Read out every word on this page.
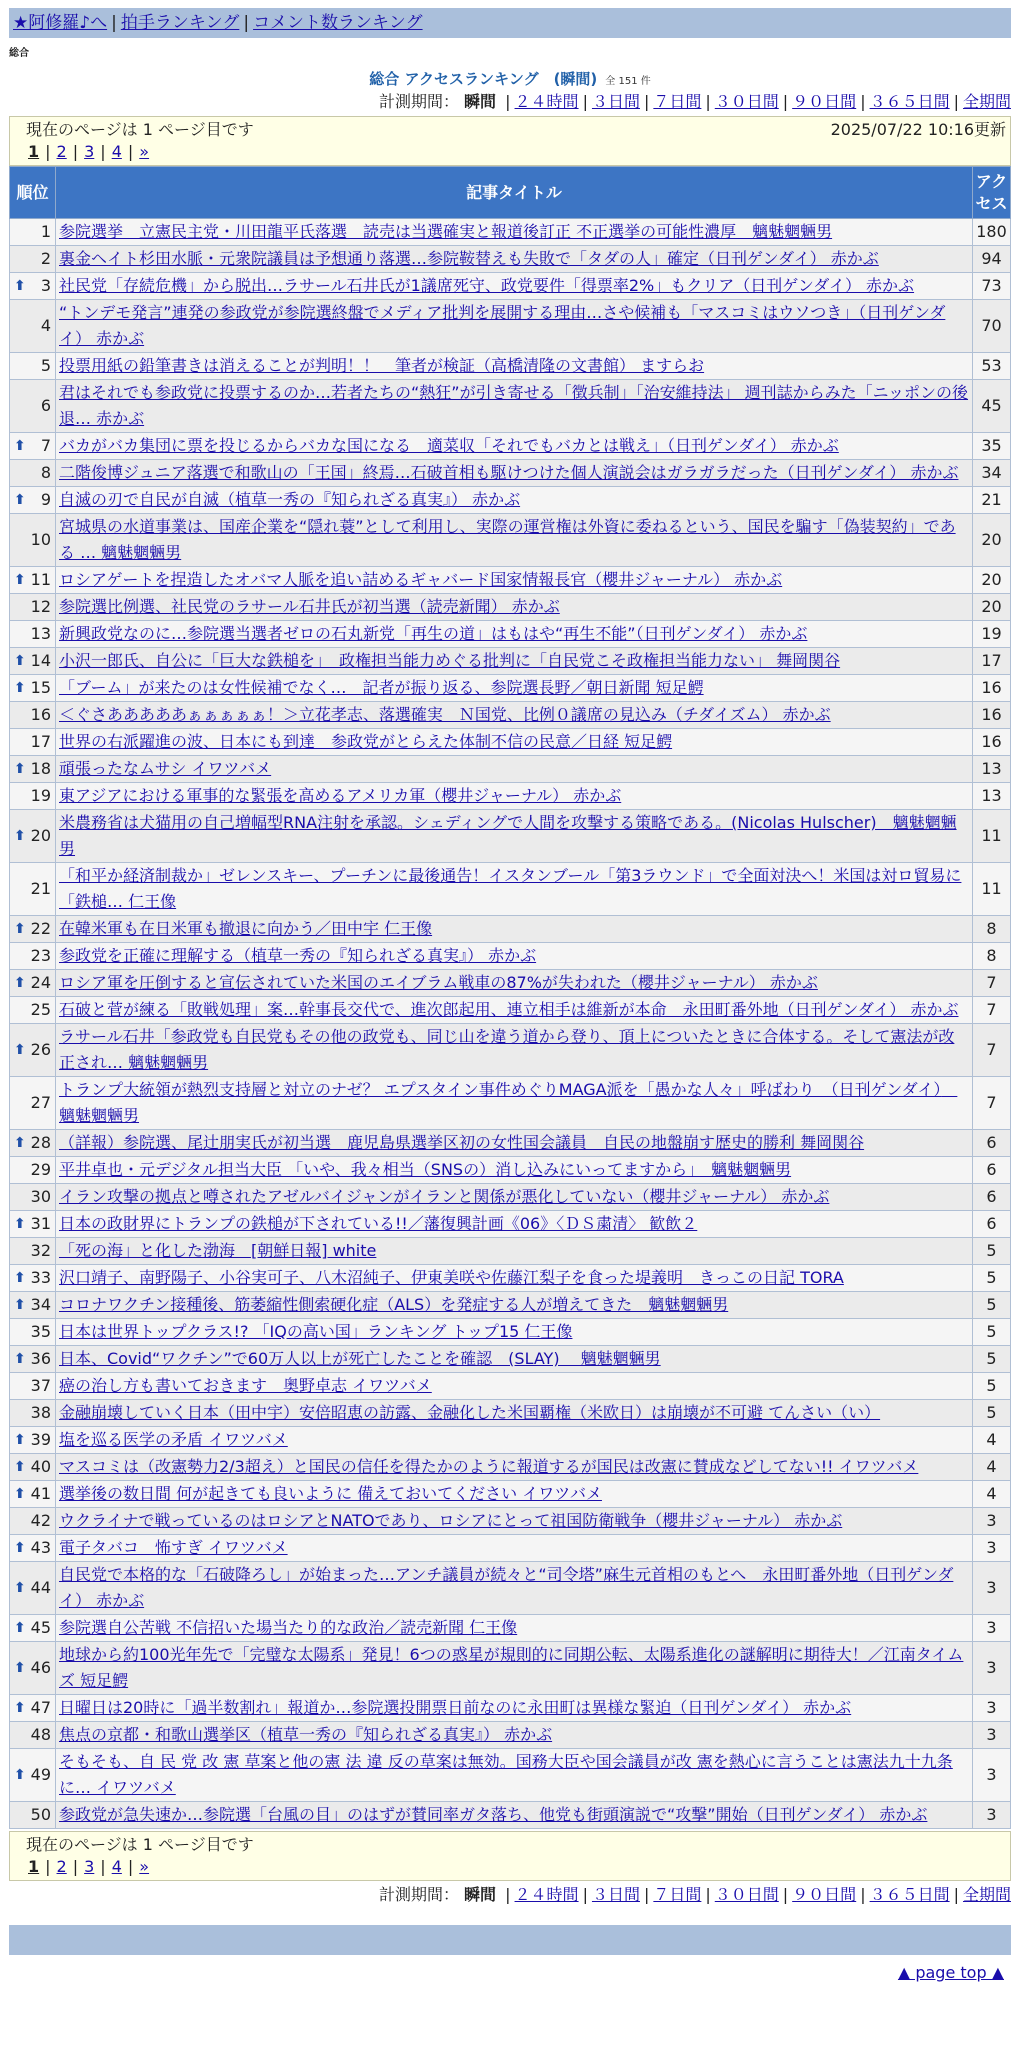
★阿修羅♪へ | 拍手ランキング | コメント数ランキング
総合
総合 アクセスランキング　(瞬間) 全 151 件
計測期間： 瞬間 | ２４時間 | ３日間 | ７日間 | ３０日間 | ９０日間 | ３６５日間 | 全期間
現在のページは 1 ページ目です	2025/07/22 10:16更新
1 | 2 | 3 | 4 | »
順位	記事タイトル	アクセス
1	参院選挙　立憲民主党・川田龍平氏落選　読売は当選確実と報道後訂正 不正選挙の可能性濃厚　魑魅魍魎男	180
2	裏金ヘイト杉田水脈・元衆院議員は予想通り落選…参院鞍替えも失敗で「タダの人」確定（日刊ゲンダイ） 赤かぶ	94

⬆ 3	社民党「存続危機」から脱出…ラサール石井氏が1議席死守、政党要件「得票率2%」もクリア（日刊ゲンダイ） 赤かぶ	73
4	“トンデモ発言”連発の参政党が参院選終盤でメディア批判を展開する理由…さや候補も「マスコミはウソつき」（日刊ゲンダイ） 赤かぶ	70
5	投票用紙の鉛筆書きは消えることが判明！！　筆者が検証（高橋清隆の文書館） ますらお	53
6	君はそれでも参政党に投票するのか…若者たちの“熱狂”が引き寄せる「徴兵制」「治安維持法」 週刊誌からみた「ニッポンの後退… 赤かぶ	45

⬆ 7	バカがバカ集団に票を投じるからバカな国になる　適菜収「それでもバカとは戦え」（日刊ゲンダイ） 赤かぶ	35
8	二階俊博ジュニア落選で和歌山の「王国」終焉…石破首相も駆けつけた個人演説会はガラガラだった（日刊ゲンダイ） 赤かぶ	34

⬆ 9	自滅の刃で自民が自滅（植草一秀の『知られざる真実』） 赤かぶ	21
10	宮城県の水道事業は、国産企業を“隠れ蓑”として利用し、実際の運営権は外資に委ねるという、国民を騙す「偽装契約」である … 魑魅魍魎男	20

⬆ 11	ロシアゲートを捏造したオバマ人脈を追い詰めるギャバード国家情報長官（櫻井ジャーナル） 赤かぶ	20
12	参院選比例選、社民党のラサール石井氏が初当選（読売新聞） 赤かぶ	20
13	新興政党なのに…参院選当選者ゼロの石丸新党「再生の道」はもはや“再生不能”（日刊ゲンダイ） 赤かぶ	19

⬆ 14	小沢一郎氏、自公に「巨大な鉄槌を」　政権担当能力めぐる批判に「自民党こそ政権担当能力ない」 舞岡関谷	17

⬆ 15	「ブーム」が来たのは女性候補でなく…　記者が振り返る、参院選長野／朝日新聞 短足鰐	16
16	＜ぐさあああああぁぁぁぁぁ！＞立花孝志、落選確実　Ｎ国党、比例０議席の見込み（チダイズム） 赤かぶ	16
17	世界の右派躍進の波、日本にも到達　参政党がとらえた体制不信の民意／日経 短足鰐	16

⬆ 18	頑張ったなムサシ イワツバメ	13
19	東アジアにおける軍事的な緊張を高めるアメリカ軍（櫻井ジャーナル） 赤かぶ	13

⬆ 20	米農務省は犬猫用の自己増幅型RNA注射を承認。シェディングで人間を攻撃する策略である。(Nicolas Hulscher)　魑魅魍魎男	11
21	「和平か経済制裁か」ゼレンスキー、プーチンに最後通告！イスタンブール「第3ラウンド」で全面対決へ！米国は対ロ貿易に「鉄槌… 仁王像	11

⬆ 22	在韓米軍も在日米軍も撤退に向かう／田中宇 仁王像	8
23	参政党を正確に理解する（植草一秀の『知られざる真実』） 赤かぶ	8

⬆ 24	ロシア軍を圧倒すると宣伝されていた米国のエイブラム戦車の87%が失われた（櫻井ジャーナル） 赤かぶ	7
25	石破と菅が練る「敗戦処理」案…幹事長交代で、進次郎起用、連立相手は維新が本命　永田町番外地（日刊ゲンダイ） 赤かぶ	7

⬆ 26	ラサール石井「参政党も自民党もその他の政党も、同じ山を違う道から登り、頂上についたときに合体する。そして憲法が改正され… 魑魅魍魎男	7
27	トランプ大統領が熱烈支持層と対立のナゼ？ エプスタイン事件めぐりMAGA派を「愚かな人々」呼ばわり　（日刊ゲンダイ）　魑魅魍魎男	7

⬆ 28	（詳報）参院選、尾辻朋実氏が初当選　鹿児島県選挙区初の女性国会議員　自民の地盤崩す歴史的勝利 舞岡関谷	6
29	平井卓也・元デジタル担当大臣 「いや、我々相当（SNSの）消し込みにいってますから」　魑魅魍魎男	6
30	イラン攻撃の拠点と噂されたアゼルバイジャンがイランと関係が悪化していない（櫻井ジャーナル） 赤かぶ	6

⬆ 31	日本の政財界にトランプの鉄槌が下されている!!／藩復興計画《06》〈ＤＳ粛清〉 歓飲２	6
32	「死の海」と化した渤海　[朝鮮日報] white	5

⬆ 33	沢口靖子、南野陽子、小谷実可子、八木沼純子、伊東美咲や佐藤江梨子を食った堤義明　きっこの日記 TORA	5

⬆ 34	コロナワクチン接種後、筋萎縮性側索硬化症（ALS）を発症する人が増えてきた　魑魅魍魎男	5
35	日本は世界トップクラス!? 「IQの高い国」ランキング トップ15 仁王像	5

⬆ 36	日本、Covid“ワクチン”で60万人以上が死亡したことを確認　(SLAY)　 魑魅魍魎男	5
37	癌の治し方も書いておきます　奥野卓志 イワツバメ	5
38	金融崩壊していく日本（田中宇）安倍昭恵の訪露、金融化した米国覇権（米欧日）は崩壊が不可避 てんさい（い）	5

⬆ 39	塩を巡る医学の矛盾 イワツバメ	4

⬆ 40	マスコミは（改憲勢力2/3超え）と国民の信任を得たかのように報道するが国民は改憲に賛成などしてない!! イワツバメ	4

⬆ 41	選挙後の数日間 何が起きても良いように 備えておいてください イワツバメ	4
42	ウクライナで戦っているのはロシアとNATOであり、ロシアにとって祖国防衛戦争（櫻井ジャーナル） 赤かぶ	3

⬆ 43	電子タバコ　怖すぎ イワツバメ	3

⬆ 44	自民党で本格的な「石破降ろし」が始まった…アンチ議員が続々と“司令塔”麻生元首相のもとへ　永田町番外地（日刊ゲンダイ） 赤かぶ	3

⬆ 45	参院選自公苦戦 不信招いた場当たり的な政治／読売新聞 仁王像	3

⬆ 46	地球から約100光年先で「完璧な太陽系」発見！6つの惑星が規則的に同期公転、太陽系進化の謎解明に期待大！／江南タイムズ 短足鰐	3

⬆ 47	日曜日は20時に「過半数割れ」報道か…参院選投開票日前なのに永田町は異様な緊迫（日刊ゲンダイ） 赤かぶ	3
48	焦点の京都・和歌山選挙区（植草一秀の『知られざる真実』） 赤かぶ	3

⬆ 49	そもそも、自 民 党 改 憲 草案と他の憲 法 違 反の草案は無効。国務大臣や国会議員が改 憲を熱心に言うことは憲法九十九条に… イワツバメ	3
50	参政党が急失速か…参院選「台風の目」のはずが賛同率ガタ落ち、他党も街頭演説で“攻撃”開始（日刊ゲンダイ） 赤かぶ	3
現在のページは 1 ページ目です
1 | 2 | 3 | 4 | »
計測期間： 瞬間 | ２４時間 | ３日間 | ７日間 | ３０日間 | ９０日間 | ３６５日間 | 全期間
▲ page top ▲
